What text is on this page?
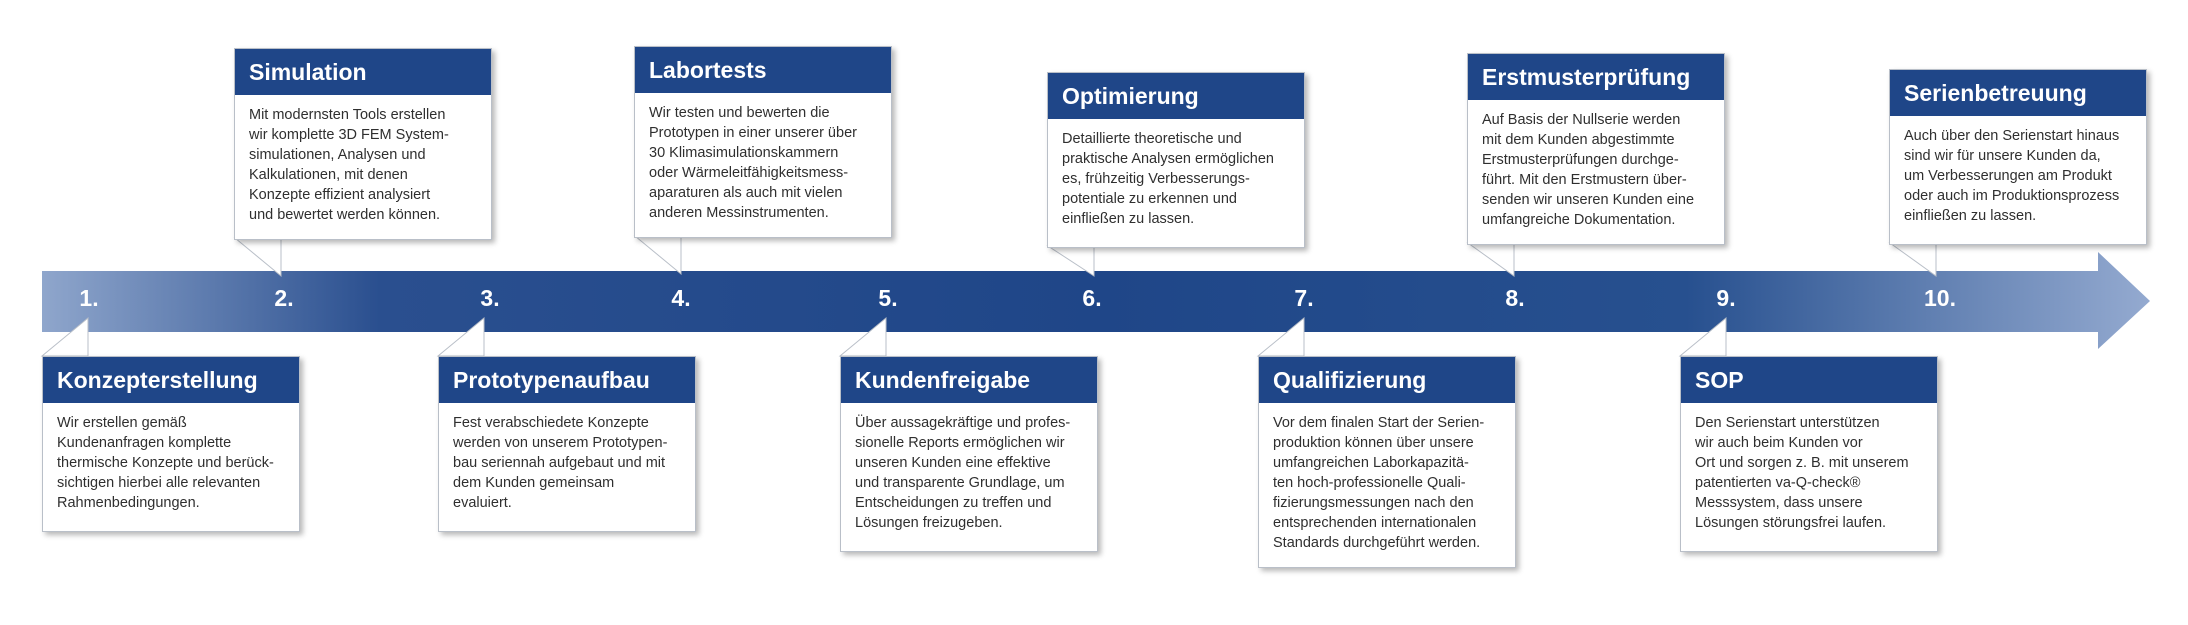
1.	2.	3.	4.	5.	6.	7.	8.	9.	10.
Simulation
Mit modernsten Tools erstellen
wir komplette 3D FEM System-
simulationen, Analysen und
Kalkulationen, mit denen
Konzepte effizient analysiert
und bewertet werden können.
Labortests
Wir testen und bewerten die
Prototypen in einer unserer über
30 Klimasimulationskammern
oder Wärmeleitfähigkeitsmess-
aparaturen als auch mit vielen
anderen Messinstrumenten.
Optimierung
Detaillierte theoretische und
praktische Analysen ermöglichen
es, frühzeitig Verbesserungs-
potentiale zu erkennen und
einfließen zu lassen.
Erstmusterprüfung
Auf Basis der Nullserie werden
mit dem Kunden abgestimmte
Erstmusterprüfungen durchge-
führt. Mit den Erstmustern über-
senden wir unseren Kunden eine
umfangreiche Dokumentation.
Serienbetreuung
Auch über den Serienstart hinaus
sind wir für unsere Kunden da,
um Verbesserungen am Produkt
oder auch im Produktionsprozess
einfließen zu lassen.
Konzepterstellung
Wir erstellen gemäß
Kundenanfragen komplette
thermische Konzepte und berück-
sichtigen hierbei alle relevanten
Rahmenbedingungen.
Prototypenaufbau
Fest verabschiedete Konzepte
werden von unserem Prototypen-
bau seriennah aufgebaut und mit
dem Kunden gemeinsam
evaluiert.
Kundenfreigabe
Über aussagekräftige und profes-
sionelle Reports ermöglichen wir
unseren Kunden eine effektive
und transparente Grundlage, um
Entscheidungen zu treffen und
Lösungen freizugeben.
Qualifizierung
Vor dem finalen Start der Serien-
produktion können über unsere
umfangreichen Laborkapazitä-
ten hoch-professionelle Quali-
fizierungsmessungen nach den
entsprechenden internationalen
Standards durchgeführt werden.
SOP
Den Serienstart unterstützen
wir auch beim Kunden vor
Ort und sorgen z. B. mit unserem
patentierten va-Q-check®
Messsystem, dass unsere
Lösungen störungsfrei laufen.
